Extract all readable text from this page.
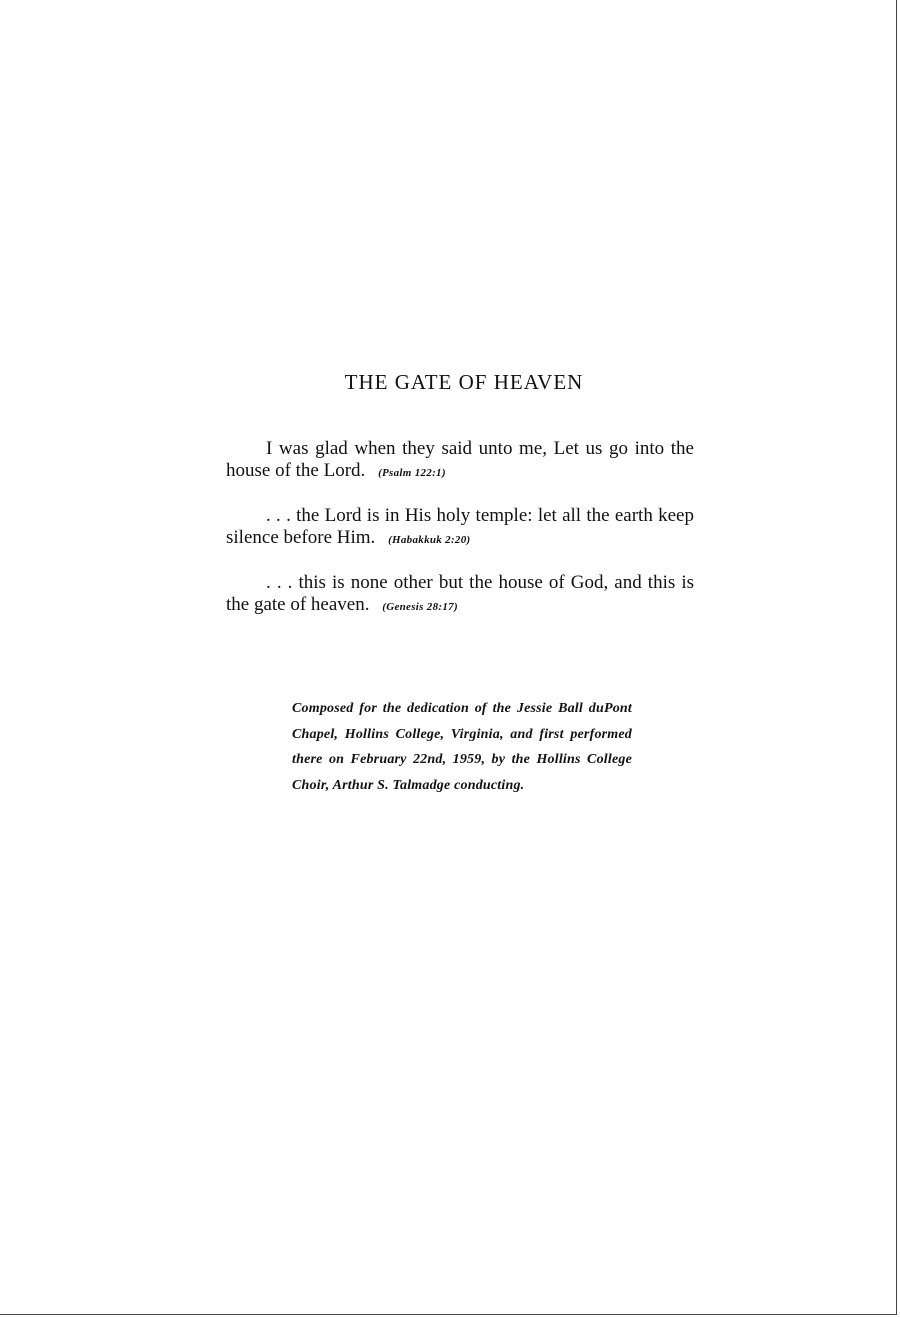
THE GATE OF HEAVEN

I was glad when they said unto me, Let us go into the house of the Lord. (Psalm 122:1)

. . . the Lord is in His holy temple: let all the earth keep silence before Him. (Habakkuk 2:20)

. . . this is none other but the house of God, and this is the gate of heaven. (Genesis 28:17)

Composed for the dedication of the Jessie Ball duPont Chapel, Hollins College, Virginia, and first performed there on February 22nd, 1959, by the Hollins College Choir, Arthur S. Talmadge conducting.
